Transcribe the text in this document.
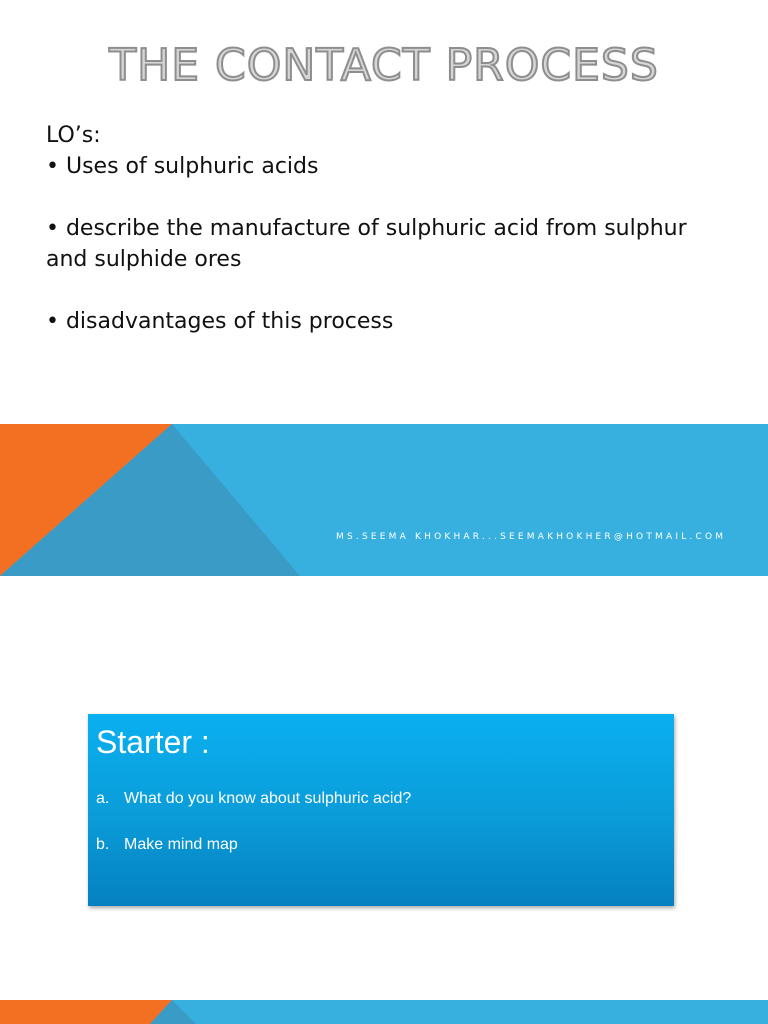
THE CONTACT PROCESS

LO’s:

• Uses of sulphuric acids

• describe the manufacture of sulphuric acid from sulphur and sulphide ores

• disadvantages of this process

MS.SEEMA KHOKHAR...SEEMAKHOKHER@HOTMAIL.COM
Starter :
a. What do you know about sulphuric acid?
b. Make mind map
